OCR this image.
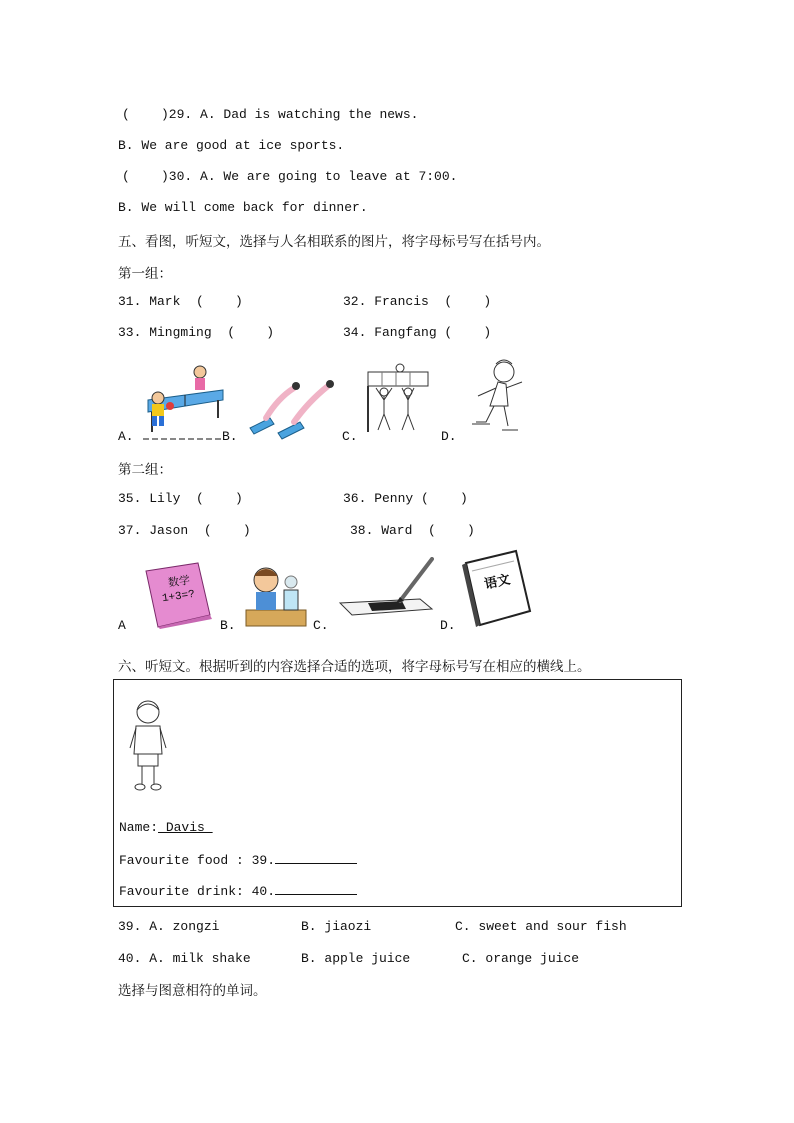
(    )29. A. Dad is watching the news.
B. We are good at ice sports.
(    )30. A. We are going to leave at 7:00.
B. We will come back for dinner.
五、看图，听短文，选择与人名相联系的图片，将字母标号写在括号内。
第一组：
31. Mark  (    )	32. Francis  (    )
33. Mingming  (    )	34. Fangfang (    )
A.	B.	C.	D.
第二组：
35. Lily  (    )	36. Penny (    )
37. Jason  (    )	38. Ward  (    )
数学
1+3=?
语文
A	B.	C.	D.
六、听短文。根据听到的内容选择合适的选项，将字母标号写在相应的横线上。
Name: Davis
Favourite food : 39.
Favourite drink: 40.
39. A. zongzi	B. jiaozi	C. sweet and sour fish
40. A. milk shake	B. apple juice	C. orange juice
选择与图意相符的单词。
